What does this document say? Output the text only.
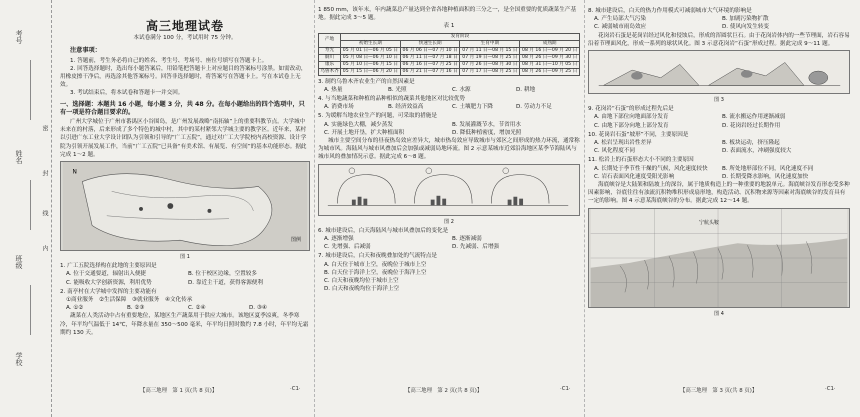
考号
姓名
班级
学校
密
封
线
内
高三地理试卷
本试卷满分 100 分，考试用时 75 分钟。
注意事项：
1. 答题前，考生务必将自己的姓名、考生号、考场号、座位号填写在答题卡上。
2. 回答选择题时，选出每小题答案后，用铅笔把答题卡上对应题目的答案标号涂黑。如需改动，用橡皮擦干净后，再选涂其他答案标号。回答非选择题时，将答案写在答题卡上。写在本试卷上无效。
3. 考试结束后，将本试卷和答题卡一并交回。
一、选择题：本题共 16 小题，每小题 3 分，共 48 分。在每小题给出的四个选项中，只有一项是符合题目要求的。
广州大学城位于广州市番禺区小谷围岛，是广州发展战略“南拓轴”上的重要科教节点。大学城中未来在的村落，后来形成了多个特色的城中村，其中的某村紧邻大学城主要的教学区。近年来，某村以引进广东工业大学设计团队为引领和引导的“广工五院”，通过对广工大学院校内高校资源、设计学院为引领开展发展工作，当前“广工五院”已具备“有美术馆、有展览、有空间”的基本功能形态。据此完成 1～2 题。
N
图例
图 1
1. 广工五院选择构在此地的主要原因是
A. 位于交通要道，辐射出入便捷	B. 位于校区边缘，空置较多
C. 能吸收大学创新资源，利用优势	D. 靠近主干道，获得客源便利
2. 南亭村在大学城中发挥的主要功能有
①商业服务　②生活保障　③就业服务　④文化传承
A. ①②	B. ②③	C. ②④	D. ③④
蔬菜在人类活动中占有重要地位，某地区生产蔬菜用于供应大城市。该地区夏季凉爽，冬季寒冷，年平均气温低于 14℃，年降水量在 350～500 毫米，年平均日照时数约 7.8 小时，年平均无霜期约 130 天。
1 850 mm，该年末，年内蔬菜总产量达到全省各地种植面积的三分之一，是全国重要的优质蔬菜生产基地。据此完成 3～5 题。
表 1
产地	发育阶段			
	初始生长期	快速生长期	生育中期	成熟期
寿光	05 月 01 日—06 月 05 日	06 月 06 日—07 月 10 日	07 月 11 日—08 月 15 日	08 月 16 日—09 月 20 日
铜川	05 月 08 日—06 月 10 日	06 月 11 日—07 月 18 日	07 月 19 日—08 月 25 日	08 月 26 日—09 月 30 日
康乐	05 月 10 日—06 月 15 日	06 月 16 日—07 月 25 日	07 月 26 日—08 月 30 日	08 月 31 日—10 月 05 日
乌鲁木齐	05 月 15 日—06 月 20 日	06 月 21 日—07 月 16 日	07 月 17 日—08 月 25 日	08 月 26 日—09 月 25 日
3. 制约乌鲁木齐农业生产的自然因素是
A. 热量	B. 光照	C. 水源	D. 耕地
4. 与当地蔬菜和种植的品种相似的蔬菜其他地区对比较优势
A. 消费市场	B. 经济效益高	C. 土壤肥力下降	D. 劳动力不足
5. 为缓解当地农业生产的问题，可采取的措施是
A. 实施绿色大棚，减少蒸发	B. 发展灌溉节水，节省用水
C. 开展土地开垦，扩大种植面积	D. 降低种植密度，增加光照
城市主要空间分布的昼夜热岛效应差异大，城市热岛效应导致城市与郊区之间形成的热力环流，通常称为城市风。海陆风与城市风叠加后会加强或减弱局地环流。图 2 示意某城市近郊沿海地区某季节海陆风与城市风的叠加情况示意。据此完成 6～8 题。
图 2
6. 城市建设后，白天海陆风与城市风叠加后的变化是
A. 逐渐增强	B. 逐渐减弱
C. 先增强、后减弱	D. 先减弱、后增强
7. 城市建设后，白天和夜晚叠加处的气流特点是
A. 白天位于城市上空，夜晚位于城市上空
B. 白天位于海洋上空，夜晚位于海洋上空
C. 白天和夜晚均位于城市上空
D. 白天和夜晚均位于海洋上空
8. 城市建设后，白天的热力作用模式可减弱城市大气环境的影响是
A. 产生局部大气污染	B. 加剧污染物扩散
C. 减弱城市雨岛效应	D. 使风向发生转变
花岗岩石蛋是花岗岩经过风化和侵蚀后，形成的浑圆状巨石。由于花岗岩体内的一些节理面，岩石容易沿着节理面风化，形成一系列的球状风化。图 3 示意花岗岩“石蛋”形成过程。据此完成 9～11 题。
图 3
9. 花岗岩“石蛋”的形成过程先后是
A. 由地下部位向地面部分发育	B. 流水搬运作用逐渐减弱
C. 由地下部分向地上部分发育	D. 花岗岩经过长期作用
10. 花岗岩石蛋“坡形”不同，主要原因是
A. 松岩呈现出岩性差异	B. 板块运动，挤压隆起
C. 风化程度不同	D. 表面流水，冲刷强度较大
11. 松岩上的石蛋形态大小不同的主要原因
A. 长期处于季节性干燥的气候，风化速度较快	B. 所处地形部位不同，风化速度不同
C. 岩石表面风化速度受阳光影响	D. 长期受降水影响，风化速度加快
海底峡谷是大陆架和陆坡上的深谷，属于地质构造上的一种重要的地貌单元。海底峡谷发育形态受多种因素影响，谷底往往有浊流沉积物堆积形成扇形地，构造活动、沉积物来源等因素对海底峡谷的发育具有一定的影响。图 4 示意某海底峡谷的分布。据此完成 12～14 题。
宁航头鞍
图 4
【高三地理　第 1 页(共 8 页)】	·C1·	【高三地理　第 2 页(共 8 页)】	·C1·	【高三地理　第 3 页(共 8 页)】	·C1·
